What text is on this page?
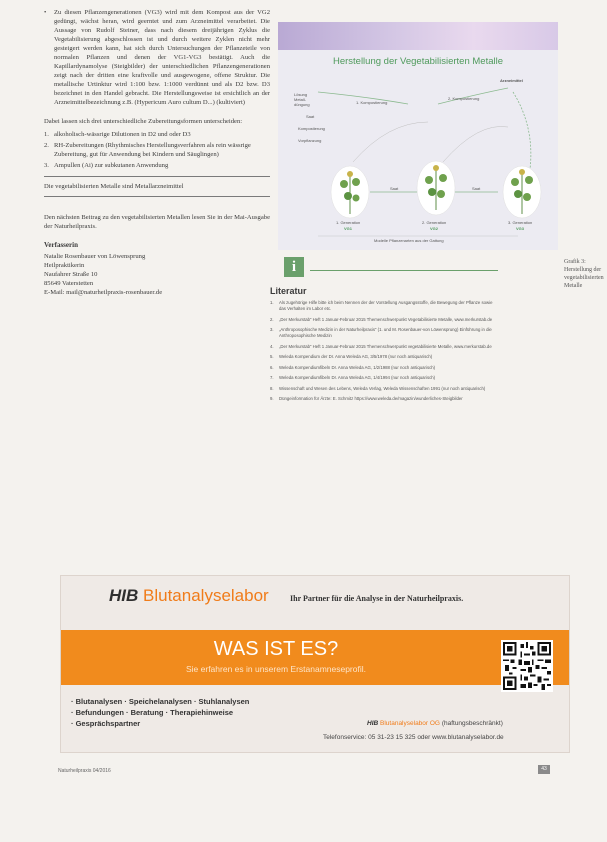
• Zu diesen Pflanzengenerationen (VG3) wird mit dem Kompost aus der VG2 gedüngt, wächst heran, wird geerntet und zum Arzneimittel verarbeitet. Die Aussage von Rudolf Steiner, dass nach diesem dreijährigen Zyklus die Vegetabilisierung abgeschlossen ist und durch weitere Zyklen nicht mehr gesteigert werden kann, hat sich durch Untersuchungen der Pflanzeteile von normalen Pflanzen und denen der VG1-VG3 bestätigt. Auch die Kapillardynamolyse (Steigbilder) der unterschiedlichen Pflanzengenerationen zeigt nach der dritten eine kraftvolle und ausgewogene, offene Struktur. Die metallische Urtinktur wird 1:100 bzw. 1:1000 verdünnt und als D2 bzw. D3 bezeichnet in den Handel gebracht. Die Herstellungsweise ist ersichtlich an der Arzneimittelbezeichnung z.B. (Hypericum Auro cultum D...) (kultiviert)

Dabei lassen sich drei unterschiedliche Zubereitungsformen unterscheiden:

1. alkoholisch-wässrige Dilutionen in D2 und oder D3
2. RH-Zubereitungen (Rhythmisches Herstellungsverfahren als rein wässrige Zubereitung, gut für Anwendung bei Kindern und Säuglingen)
3. Ampullen (Ai) zur subkutanen Anwendung
Die vegetabilisierten Metalle sind Metallarzneimittel

Den nächsten Beitrag zu den vegetabilisierten Metallen lesen Sie in der Mai-Ausgabe der Naturheilpraxis.

Verfasserin

Natalie Rosenbauer von Löwensprung

Heilpraktikerin

Naufahrer Straße 10

85649 Vaterstetten

E-Mail: mail@naturheilpraxis-rosenbauer.de

Herstellung der Vegetabilisierten Metalle
Arzneimittel
Lösung
Metall-
düngung
Saat
Kompostierung
Vorpflanzung
1. Kompostierung
2. Kompostierung
Saat	Saat
1. Generation
VG1
2. Generation
VG2
3. Generation
VG3
Modelle Pflanzenarten aus der Gattung
Grafik 3: Herstellung der vegetabilisierten Metalle
i
Literatur
1.	Als zugehörige Hilfe bitte ich beim Nennen der der Vorstellung Ausgangsstoffe, die Bewegung der Pflanze sowie das Verhalten im Labor etc.
2.	„Der Merkurstab“ Heft 1 Januar-Februar 2015 Themenschwerpunkt Vegetabilisierte Metalle, www.merkurstab.de
3.	„Anthroposophische Medizin in der Naturheilpraxis“ (1. und M. Rosenbauer-von Löwensprung) Einführung in die Anthroposophische Medizin
4.	„Der Merkurstab“ Heft 1 Januar-Februar 2015 Themenschwerpunkt vegetabilisierte Metalle, www.merkurstab.de
5.	Weleda Kompendium der Dr. Anna Weleda AG, 3/5/1978 (nur noch antiquarisch)
6.	Weleda Kompendiumfibeln Dr. Anna Weleda AG, 1/2/1988 (nur noch antiquarisch)
7.	Weleda Kompendiumfibeln Dr. Anna Weleda AG, 1/4/1994 (nur noch antiquarisch)
8.	Wissenschaft und Wesen des Lebens, Weleda Verlag, Weleda Wissenschaften 1991 (nur noch antiquarisch)
9.	Düngeinformation für Ärzte: E. Schmitz https://www.weleda.de/magazin/wunderliches-Steigbilder
HIB Blutanalyselabor	Ihr Partner für die Analyse in der Naturheilpraxis.
WAS IST ES?
Sie erfahren es in unserem Erstanamneseprofil.
· Blutanalysen · Speichelanalysen · Stuhlanalysen
· Befundungen · Beratung · Therapiehinweise
· Gesprächspartner	HIB Blutanalyselabor OG (haftungsbeschränkt)
Telefonservice: 05 31-23 15 325 oder www.blutanalyselabor.de
Naturheilpraxis 04/2016	43
